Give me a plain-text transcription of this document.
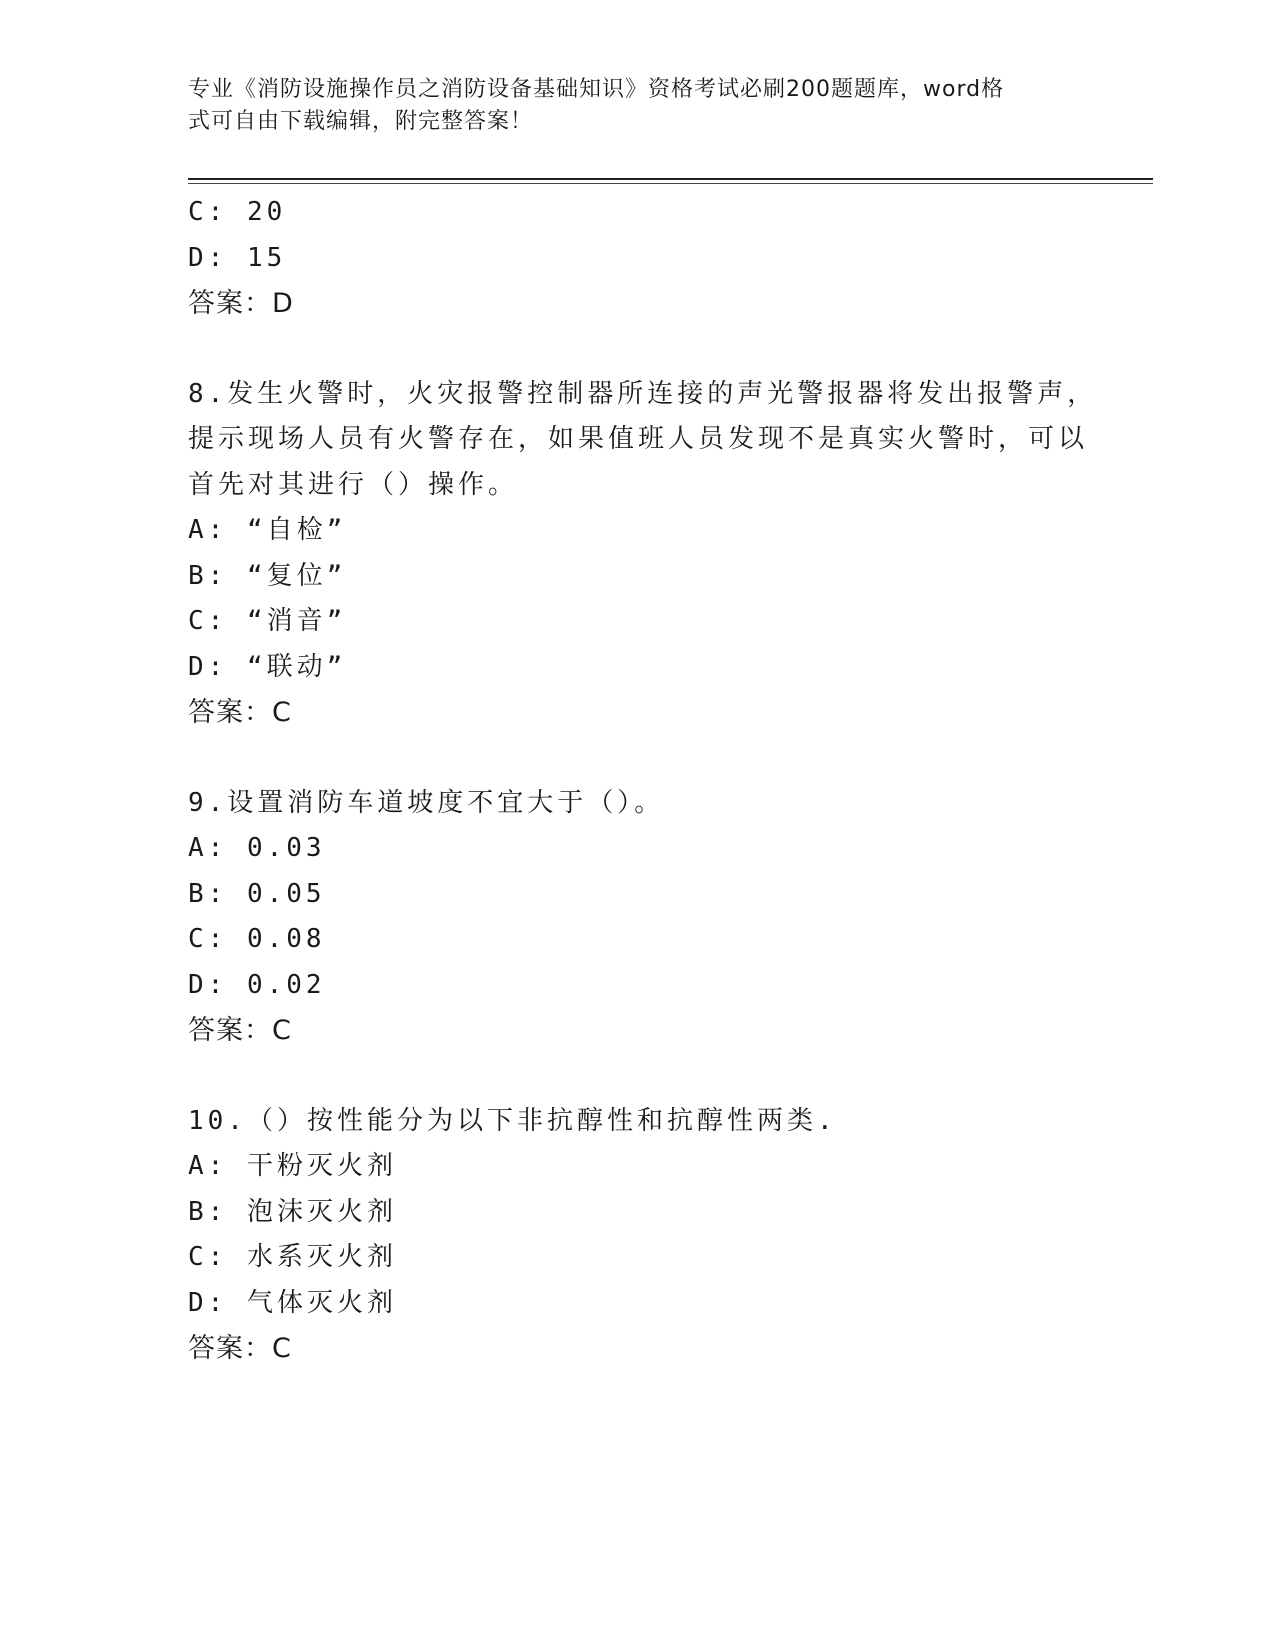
专业《消防设施操作员之消防设备基础知识》资格考试必刷200题题库，word格
式可自由下载编辑，附完整答案！
C: 20
D: 15
答案：D
8.发生火警时，火灾报警控制器所连接的声光警报器将发出报警声，
提示现场人员有火警存在，如果值班人员发现不是真实火警时，可以
首先对其进行（）操作。
A: “自检”
B: “复位”
C: “消音”
D: “联动”
答案：C
9.设置消防车道坡度不宜大于（）。
A: 0.03
B: 0.05
C: 0.08
D: 0.02
答案：C
10.（）按性能分为以下非抗醇性和抗醇性两类.
A: 干粉灭火剂
B: 泡沫灭火剂
C: 水系灭火剂
D: 气体灭火剂
答案：C
